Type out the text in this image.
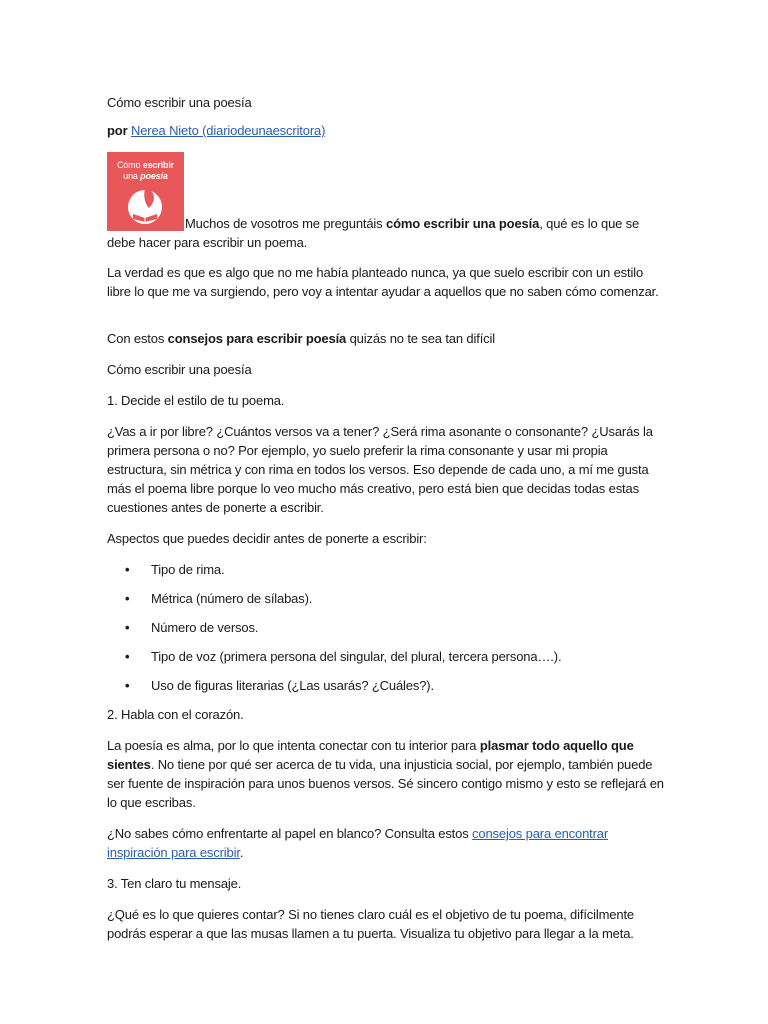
Cómo escribir una poesía

por Nerea Nieto (diariodeunaescritora)

Cómo escribir
una poesía
Muchos de vosotros me preguntáis cómo escribir una poesía, qué es lo que se debe hacer para escribir un poema.

La verdad es que es algo que no me había planteado nunca, ya que suelo escribir con un estilo libre lo que me va surgiendo, pero voy a intentar ayudar a aquellos que no saben cómo comenzar.

Con estos consejos para escribir poesía quizás no te sea tan difícil

Cómo escribir una poesía

1. Decide el estilo de tu poema.

¿Vas a ir por libre? ¿Cuántos versos va a tener? ¿Será rima asonante o consonante? ¿Usarás la primera persona o no? Por ejemplo, yo suelo preferir la rima consonante y usar mi propia estructura, sin métrica y con rima en todos los versos. Eso depende de cada uno, a mí me gusta más el poema libre porque lo veo mucho más creativo, pero está bien que decidas todas estas cuestiones antes de ponerte a escribir.

Aspectos que puedes decidir antes de ponerte a escribir:

• Tipo de rima.
• Métrica (número de sílabas).
• Número de versos.
• Tipo de voz (primera persona del singular, del plural, tercera persona….).
• Uso de figuras literarias (¿Las usarás? ¿Cuáles?).

2. Habla con el corazón.

La poesía es alma, por lo que intenta conectar con tu interior para plasmar todo aquello que sientes. No tiene por qué ser acerca de tu vida, una injusticia social, por ejemplo, también puede ser fuente de inspiración para unos buenos versos. Sé sincero contigo mismo y esto se reflejará en lo que escribas.

¿No sabes cómo enfrentarte al papel en blanco? Consulta estos consejos para encontrar inspiración para escribir.

3. Ten claro tu mensaje.

¿Qué es lo que quieres contar? Si no tienes claro cuál es el objetivo de tu poema, difícilmente podrás esperar a que las musas llamen a tu puerta. Visualiza tu objetivo para llegar a la meta.
